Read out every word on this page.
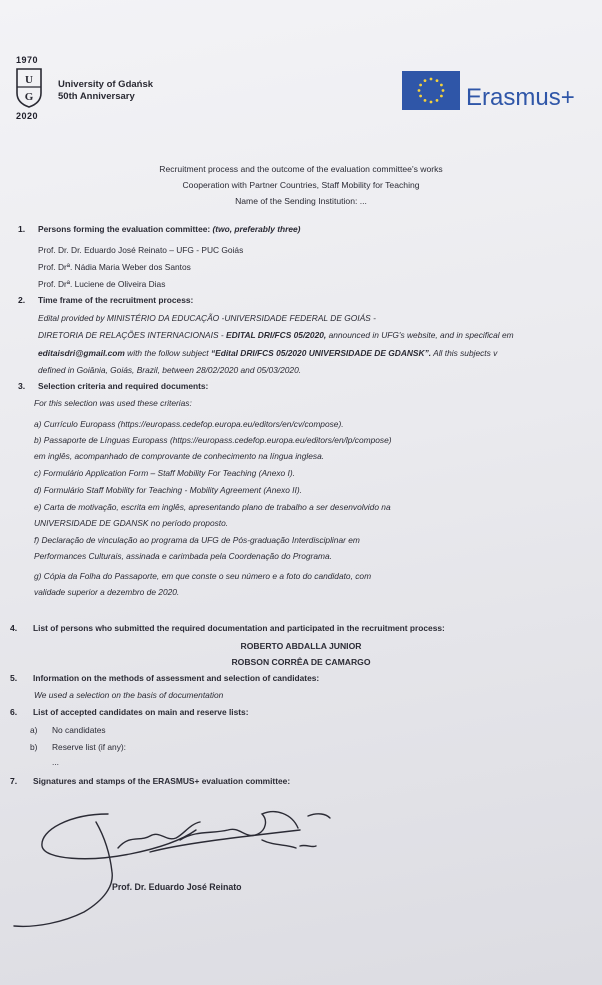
1970
U
G
2020
University of Gdańsk
50th Anniversary	Erasmus+
Recruitment process and the outcome of the evaluation committee's works
Cooperation with Partner Countries, Staff Mobility for Teaching
Name of the Sending Institution: ...
1. Persons forming the evaluation committee: (two, preferably three)
Prof. Dr. Dr. Eduardo José Reinato – UFG - PUC Goiás
Prof. Drª. Nádia Maria Weber dos Santos
Prof. Drª. Luciene de Oliveira Dias
2. Time frame of the recruitment process:
Edital provided by MINISTÉRIO DA EDUCAÇÃO -UNIVERSIDADE FEDERAL DE GOIÁS -
DIRETORIA DE RELAÇÕES INTERNACIONAIS - EDITAL DRI/FCS 05/2020, announced in UFG's website, and in specifical em
editaisdri@gmail.com with the follow subject “Edital DRI/FCS 05/2020 UNIVERSIDADE DE GDANSK”. All this subjects v
defined in Goiânia, Goiás, Brazil, between 28/02/2020 and 05/03/2020.
3. Selection criteria and required documents:
For this selection was used these criterias:
a) Currículo Europass (https://europass.cedefop.europa.eu/editors/en/cv/compose).
b) Passaporte de Línguas Europass (https://europass.cedefop.europa.eu/editors/en/lp/compose)
em inglês, acompanhado de comprovante de conhecimento na língua inglesa.
c) Formulário Application Form – Staff Mobility For Teaching (Anexo I).
d) Formulário Staff Mobility for Teaching - Mobility Agreement (Anexo II).
e) Carta de motivação, escrita em inglês, apresentando plano de trabalho a ser desenvolvido na
UNIVERSIDADE DE GDANSK no período proposto.
f) Declaração de vinculação ao programa da UFG de Pós-graduação Interdisciplinar em
Performances Culturais, assinada e carimbada pela Coordenação do Programa.
g) Cópia da Folha do Passaporte, em que conste o seu número e a foto do candidato, com
validade superior a dezembro de 2020.
4. List of persons who submitted the required documentation and participated in the recruitment process:
ROBERTO ABDALLA JUNIOR
ROBSON CORRÊA DE CAMARGO
5. Information on the methods of assessment and selection of candidates:
We used a selection on the basis of documentation
6. List of accepted candidates on main and reserve lists:
a) No candidates
b) Reserve list (if any):
...
7. Signatures and stamps of the ERASMUS+ evaluation committee:
Prof. Dr. Eduardo José Reinato
